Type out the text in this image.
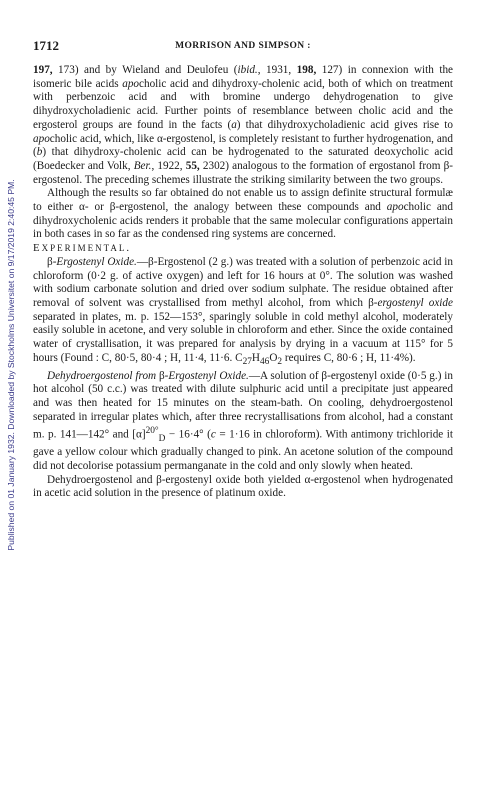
Published on 01 January 1932. Downloaded by Stockholms Universitet on 9/17/2019 2:40:45 PM.
1712	MORRISON AND SIMPSON :

197, 173) and by Wieland and Deulofeu (ibid., 1931, 198, 127) in connexion with the isomeric bile acids apocholic acid and dihydroxy-cholenic acid, both of which on treatment with perbenzoic acid and with bromine undergo dehydrogenation to give dihydroxycholadienic acid. Further points of resemblance between cholic acid and the ergosterol groups are found in the facts (a) that dihydroxycholadienic acid gives rise to apocholic acid, which, like α-ergostenol, is completely resistant to further hydrogenation, and (b) that dihydroxy-cholenic acid can be hydrogenated to the saturated deoxycholic acid (Boedecker and Volk, Ber., 1922, 55, 2302) analogous to the formation of ergostanol from β-ergostenol. The preceding schemes illustrate the striking similarity between the two groups.

Although the results so far obtained do not enable us to assign definite structural formulæ to either α- or β-ergostenol, the analogy between these compounds and apocholic and dihydroxycholenic acids renders it probable that the same molecular configurations appertain in both cases in so far as the condensed ring systems are concerned.

EXPERIMENTAL.

β-Ergostenyl Oxide.—β-Ergostenol (2 g.) was treated with a solution of perbenzoic acid in chloroform (0·2 g. of active oxygen) and left for 16 hours at 0°. The solution was washed with sodium carbonate solution and dried over sodium sulphate. The residue obtained after removal of solvent was crystallised from methyl alcohol, from which β-ergostenyl oxide separated in plates, m. p. 152—153°, sparingly soluble in cold methyl alcohol, moderately easily soluble in acetone, and very soluble in chloroform and ether. Since the oxide contained water of crystallisation, it was prepared for analysis by drying in a vacuum at 115° for 5 hours (Found : C, 80·5, 80·4 ; H, 11·4, 11·6. $C_{27}H_{46}O_2$ requires C, 80·6 ; H, 11·4%).

Dehydroergostenol from β-Ergostenyl Oxide.—A solution of β-ergostenyl oxide (0·5 g.) in hot alcohol (50 c.c.) was treated with dilute sulphuric acid until a precipitate just appeared and was then heated for 15 minutes on the steam-bath. On cooling, dehydroergostenol separated in irregular plates which, after three recrystallisations from alcohol, had a constant m. p. 141—142° and $[\alpha]^{20^\circ}_D - 16\cdot 4^\circ$ (c = 1·16 in chloroform). With antimony trichloride it gave a yellow colour which gradually changed to pink. An acetone solution of the compound did not decolorise potassium permanganate in the cold and only slowly when heated.

Dehydroergostenol and β-ergostenyl oxide both yielded α-ergostenol when hydrogenated in acetic acid solution in the presence of platinum oxide.
